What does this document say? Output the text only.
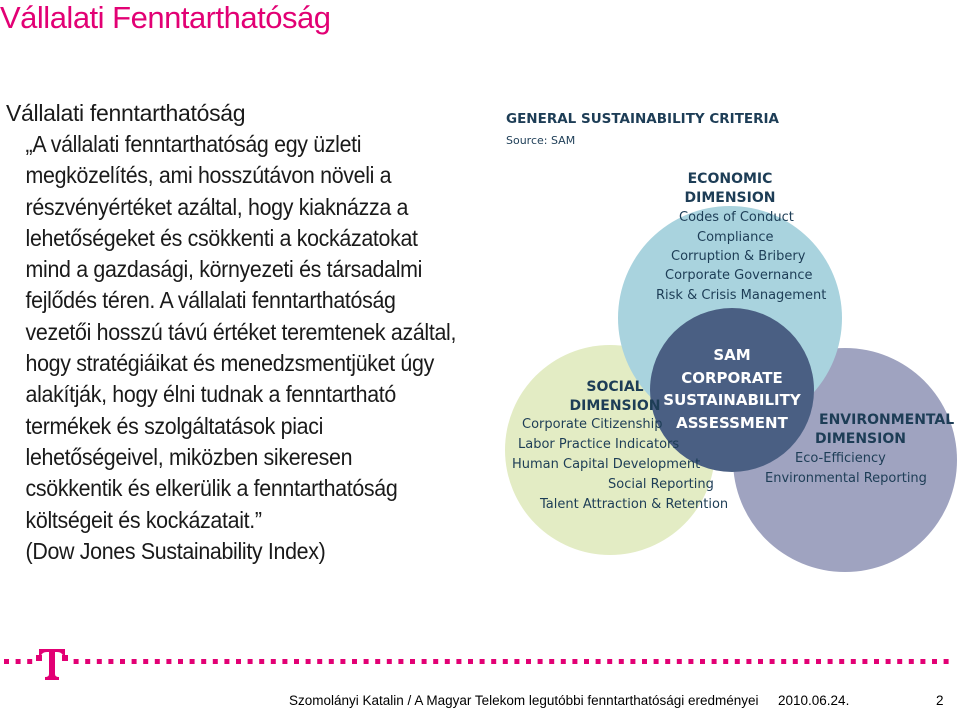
Vállalati Fenntarthatóság
Vállalati fenntarthatóság
„A vállalati fenntarthatóság egy üzleti
megközelítés, ami hosszútávon növeli a
részvényértéket azáltal, hogy kiaknázza a
lehetőségeket és csökkenti a kockázatokat
mind a gazdasági, környezeti és társadalmi
fejlődés téren. A vállalati fenntarthatóság
vezetői hosszú távú értéket teremtenek azáltal,
hogy stratégiáikat és menedzsmentjüket úgy
alakítják, hogy élni tudnak a fenntartható
termékek és szolgáltatások piaci
lehetőségeivel, miközben sikeresen
csökkentik és elkerülik a fenntarthatóság
költségeit és kockázatait.”
(Dow Jones Sustainability Index)
GENERAL SUSTAINABILITY CRITERIA
Source: SAM
ECONOMIC
DIMENSION
Codes of Conduct
Compliance
Corruption & Bribery
Corporate Governance
Risk & Crisis Management
SOCIAL
DIMENSION
Corporate Citizenship
Labor Practice Indicators
Human Capital Development
Social Reporting
Talent Attraction & Retention
SAM
CORPORATE
SUSTAINABILITY
ASSESSMENT	ENVIRONMENTAL
DIMENSION
Eco-Efficiency
Environmental Reporting
Szomolányi Katalin / A Magyar Telekom legutóbbi fenntarthatósági eredményei 2010.06.24.	2
